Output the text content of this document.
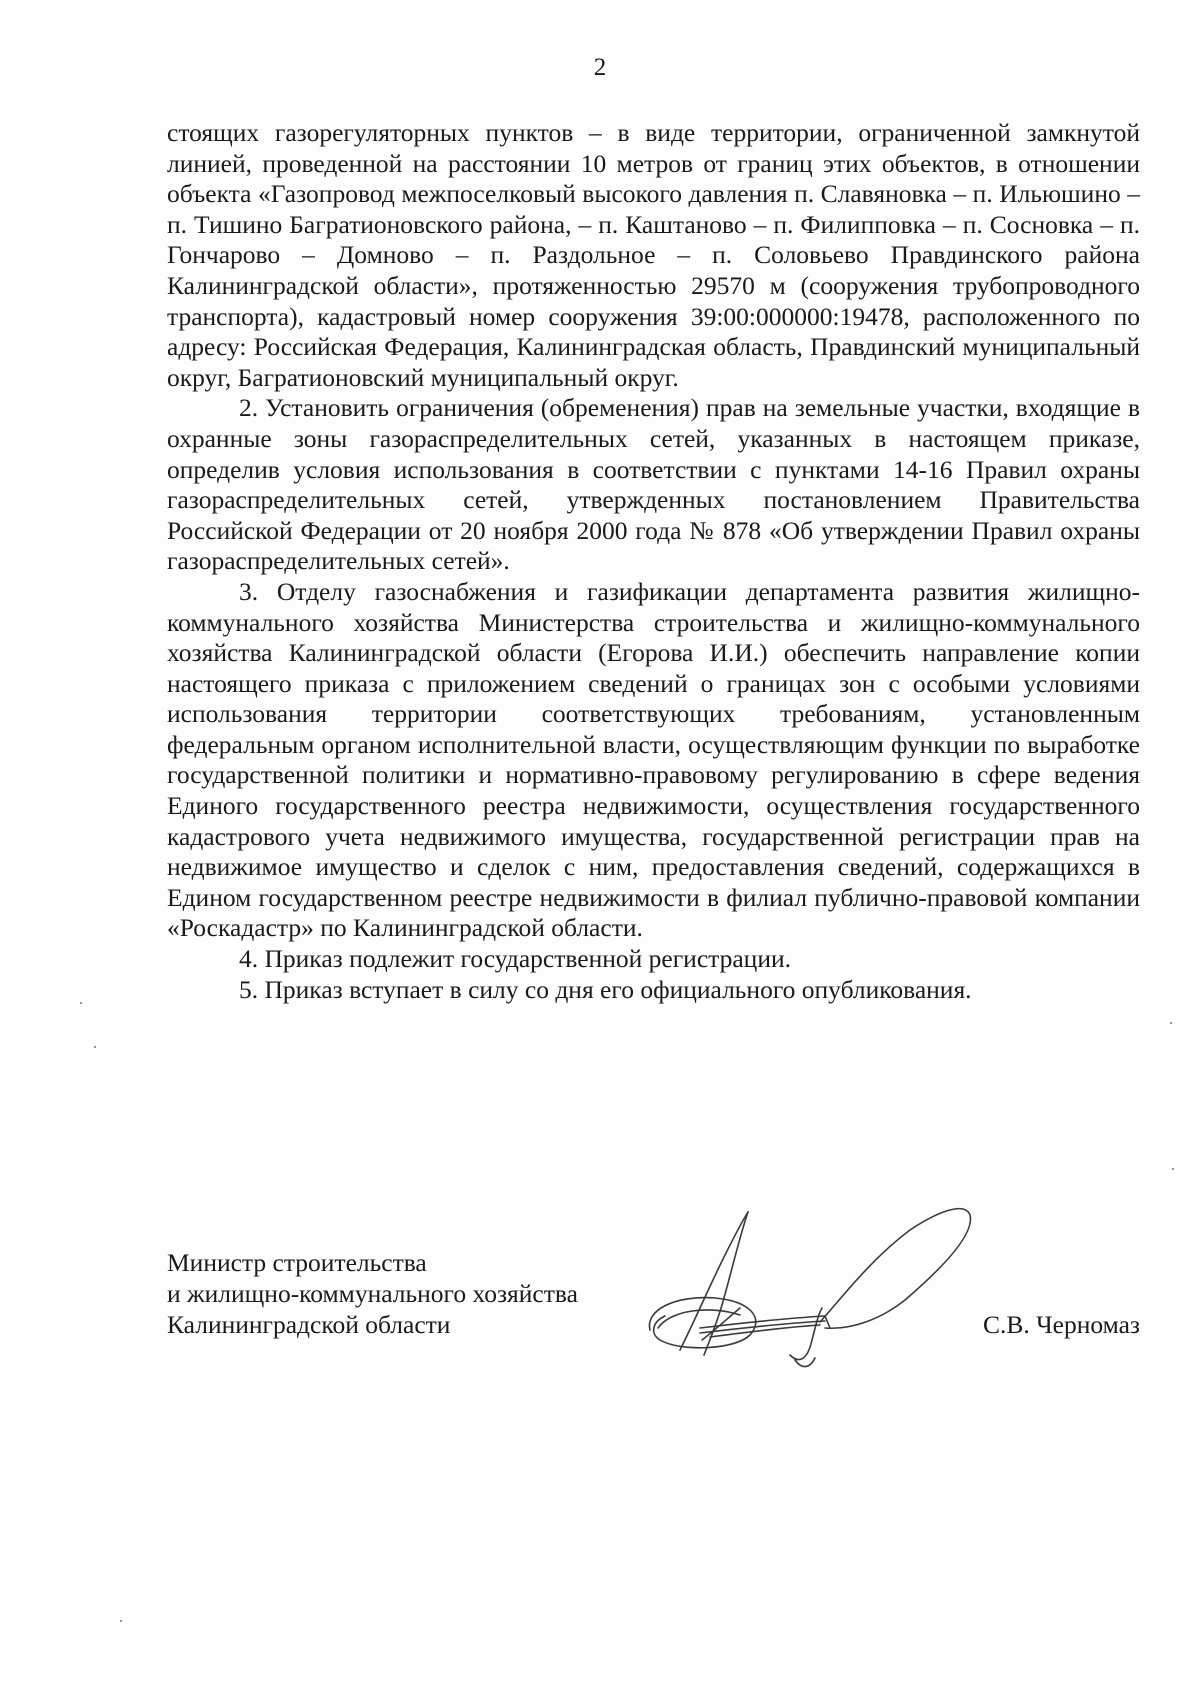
2

стоящих газорегуляторных пунктов – в виде территории, ограниченной замкнутой линией, проведенной на расстоянии 10 метров от границ этих объектов, в отношении объекта «Газопровод межпоселковый высокого давления п. Славяновка – п. Ильюшино – п. Тишино Багратионовского района, – п. Каштаново – п. Филипповка – п. Сосновка – п. Гончарово – Домново – п. Раздольное – п. Соловьево Правдинского района Калининградской области», протяженностью 29570 м (сооружения трубопроводного транспорта), кадастровый номер сооружения 39:00:000000:19478, расположенного по адресу: Российская Федерация, Калининградская область, Правдинский муниципальный округ, Багратионовский муниципальный округ.

2. Установить ограничения (обременения) прав на земельные участки, входящие в охранные зоны газораспределительных сетей, указанных в настоящем приказе, определив условия использования в соответствии с пунктами 14-16 Правил охраны газораспределительных сетей, утвержденных постановлением Правительства Российской Федерации от 20 ноября 2000 года № 878 «Об утверждении Правил охраны газораспределительных сетей».

3. Отделу газоснабжения и газификации департамента развития жилищно-коммунального хозяйства Министерства строительства и жилищно-коммунального хозяйства Калининградской области (Егорова И.И.) обеспечить направление копии настоящего приказа с приложением сведений о границах зон с особыми условиями использования территории соответствующих требованиям, установленным федеральным органом исполнительной власти, осуществляющим функции по выработке государственной политики и нормативно-правовому регулированию в сфере ведения Единого государственного реестра недвижимости, осуществления государственного кадастрового учета недвижимого имущества, государственной регистрации прав на недвижимое имущество и сделок с ним, предоставления сведений, содержащихся в Едином государственном реестре недвижимости в филиал публично-правовой компании «Роскадастр» по Калининградской области.

4. Приказ подлежит государственной регистрации.

5. Приказ вступает в силу со дня его официального опубликования.

Министр строительства
и жилищно-коммунального хозяйства
Калининградской области	С.В. Черномаз
